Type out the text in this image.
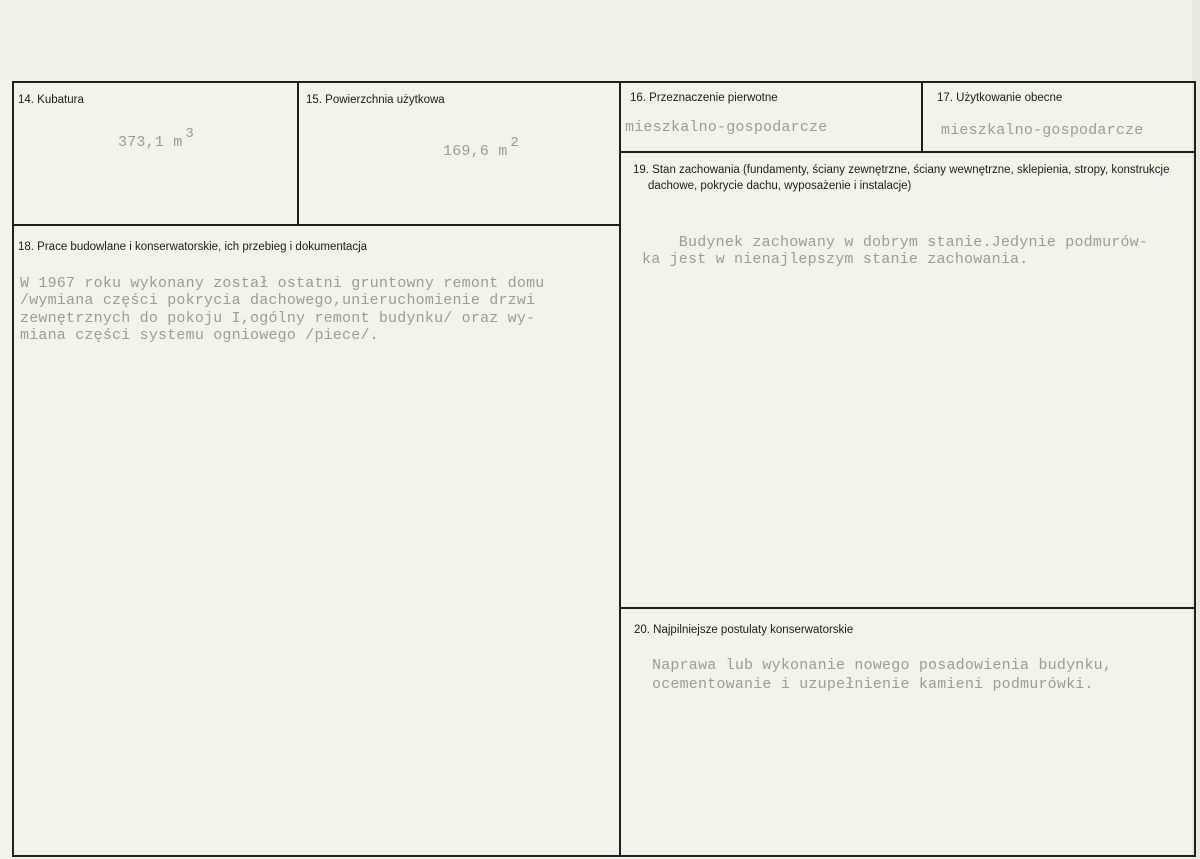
14. Kubatura
373,1 m 3
15. Powierzchnia użytkowa
169,6 m 2
16. Przeznaczenie pierwotne
mieszkalno-gospodarcze
17. Użytkowanie obecne
mieszkalno-gospodarcze
18. Prace budowlane i konserwatorskie, ich przebieg i dokumentacja
W 1967 roku wykonany został ostatni gruntowny remont domu
/wymiana części pokrycia dachowego,unieruchomienie drzwi
zewnętrznych do pokoju I,ogólny remont budynku/ oraz wy-
miana części systemu ogniowego /piece/.
19. Stan zachowania (fundamenty, ściany zewnętrzne, ściany wewnętrzne, sklepienia, stropy, konstrukcje dachowe, pokrycie dachu, wyposażenie i instalacje)
Budynek zachowany w dobrym stanie.Jedynie podmurów-
ka jest w nienajlepszym stanie zachowania.
20. Najpilniejsze postulaty konserwatorskie
Naprawa lub wykonanie nowego posadowienia budynku,
ocementowanie i uzupełnienie kamieni podmurówki.
